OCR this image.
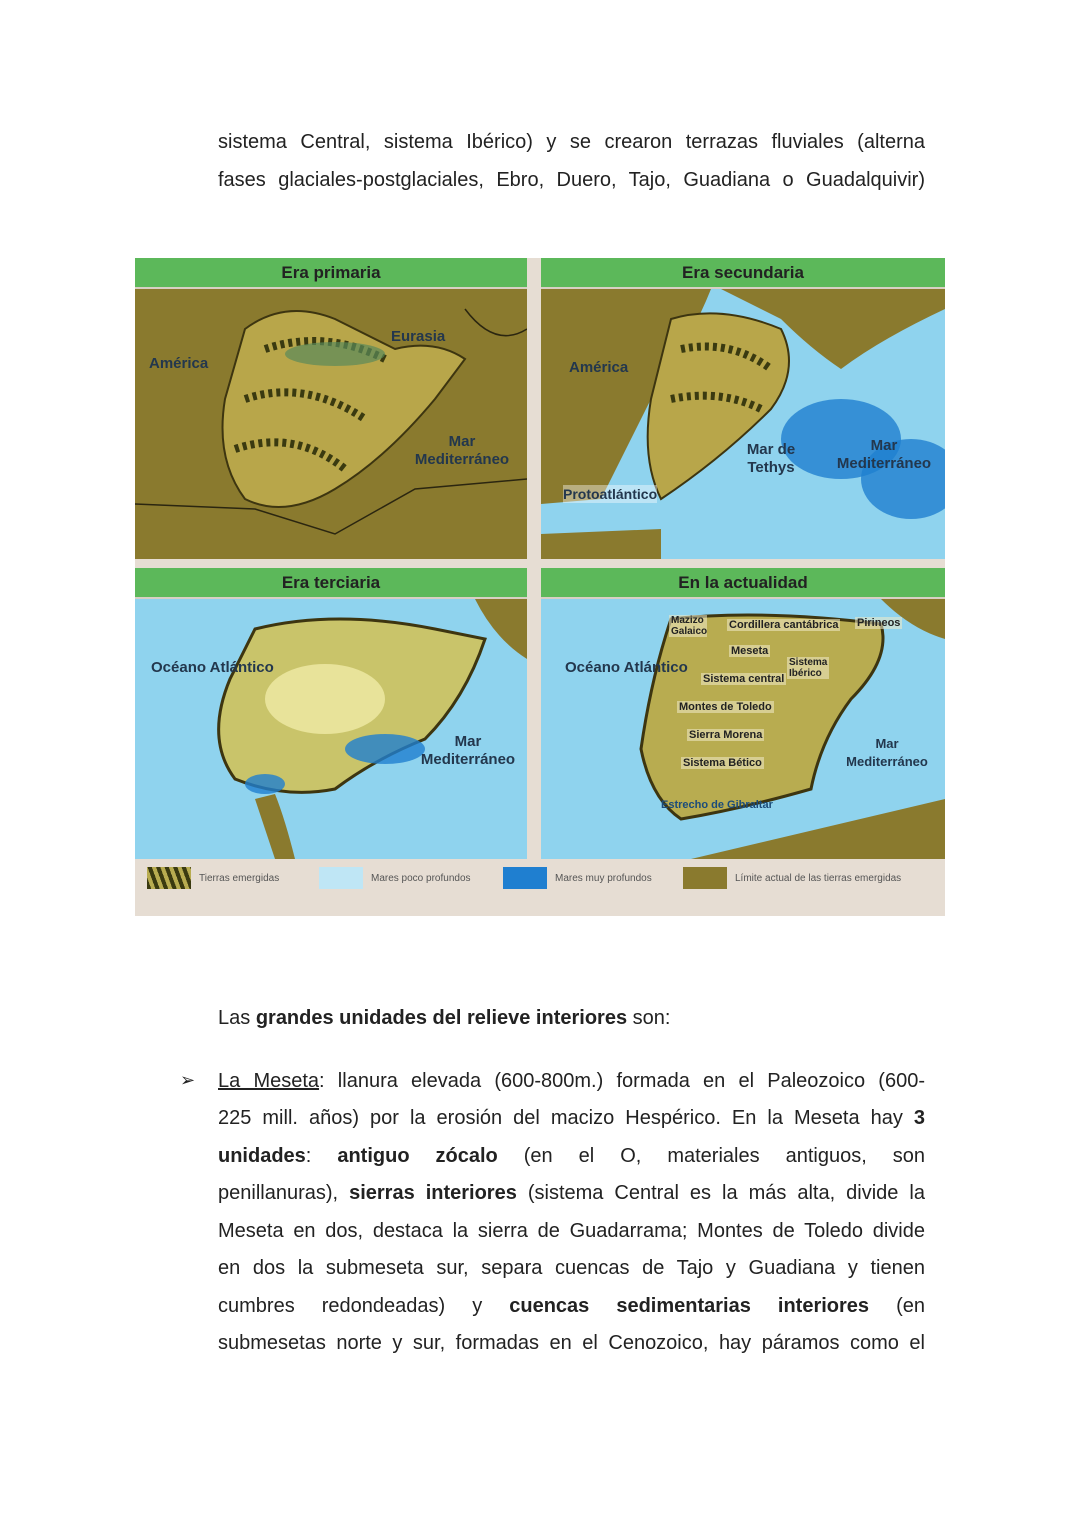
sistema Central, sistema Ibérico) y se crearon terrazas fluviales (alterna
fases glaciales-postglaciales, Ebro, Duero, Tajo, Guadiana o Guadalquivir)
Era primaria
América
Eurasia
Mar Mediterráneo
Era secundaria
América
Mar de Tethys
Mar Mediterráneo
Protoatlántico
Era terciaria
Océano Atlántico
Mar Mediterráneo
En la actualidad
Océano Atlántico
Mar Mediterráneo
Estrecho de Gibraltar
Mazizo Galaico
Cordillera cantábrica Pirineos
Meseta
Sistema Ibérico
Sistema central
Montes de Toledo
Sierra Morena
Sistema Bético
Tierras emergidas	Mares poco profundos	Mares muy profundos	Límite actual de las tierras emergidas
➢
Las grandes unidades del relieve interiores son:
La Meseta: llanura elevada (600-800m.) formada en el Paleozoico (600-
225 mill. años) por la erosión del macizo Hespérico. En la Meseta hay 3
unidades: antiguo zócalo (en el O, materiales antiguos, son
penillanuras), sierras interiores (sistema Central es la más alta, divide la
Meseta en dos, destaca la sierra de Guadarrama; Montes de Toledo divide
en dos la submeseta sur, separa cuencas de Tajo y Guadiana y tienen
cumbres redondeadas) y cuencas sedimentarias interiores (en
submesetas norte y sur, formadas en el Cenozoico, hay páramos como el
